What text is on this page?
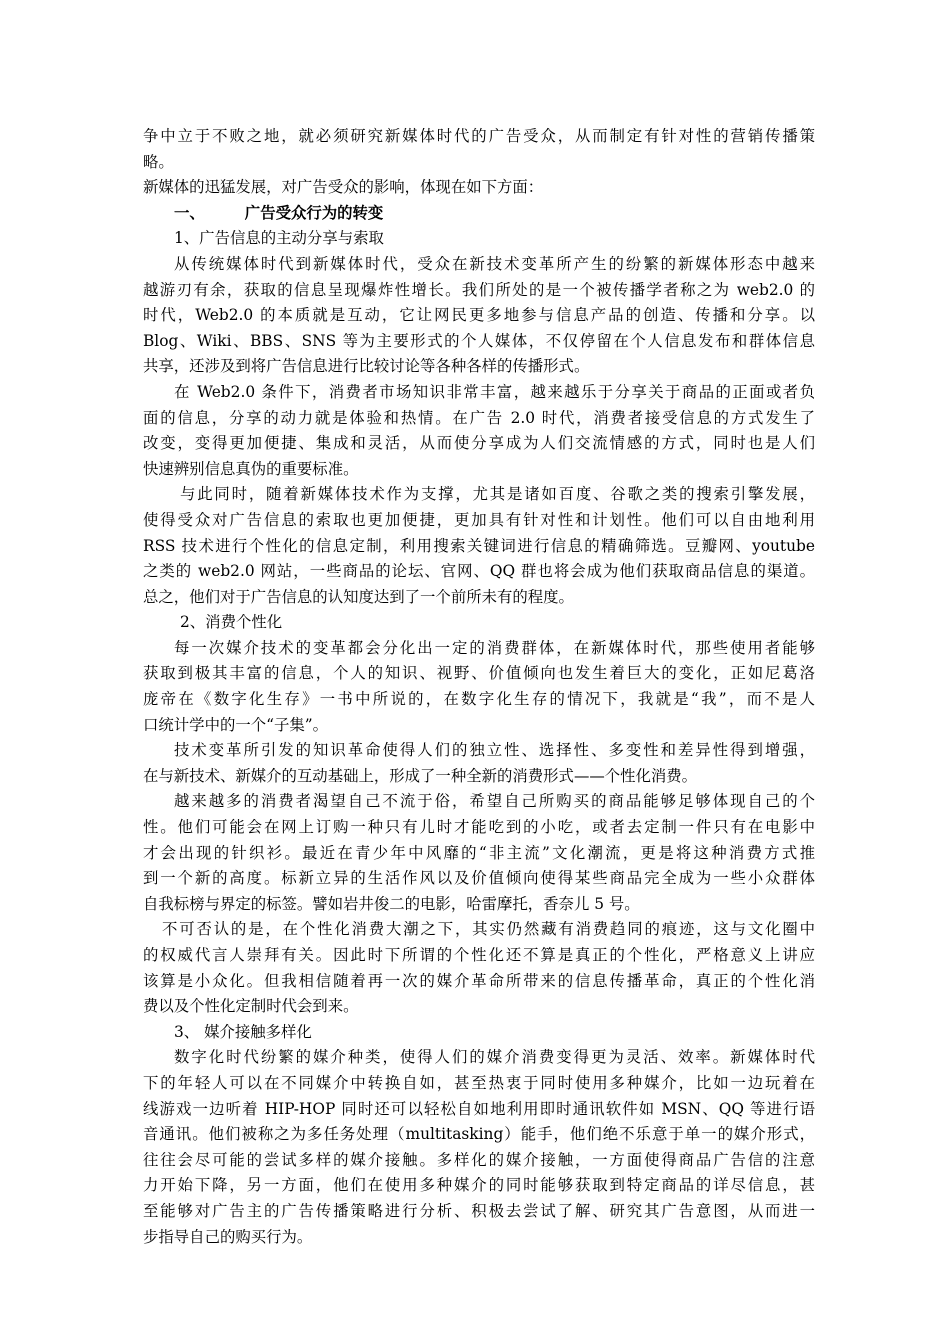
争中立于不败之地，就必须研究新媒体时代的广告受众，从而制定有针对性的营销传播策
略。
新媒体的迅猛发展，对广告受众的影响，体现在如下方面：
一、	广告受众行为的转变
1、广告信息的主动分享与索取
从传统媒体时代到新媒体时代，受众在新技术变革所产生的纷繁的新媒体形态中越来
越游刃有余，获取的信息呈现爆炸性增长。我们所处的是一个被传播学者称之为 web2.0 的
时代，Web2.0 的本质就是互动，它让网民更多地参与信息产品的创造、传播和分享。以
Blog、Wiki、BBS、SNS 等为主要形式的个人媒体，不仅停留在个人信息发布和群体信息
共享，还涉及到将广告信息进行比较讨论等各种各样的传播形式。
在 Web2.0 条件下，消费者市场知识非常丰富，越来越乐于分享关于商品的正面或者负
面的信息，分享的动力就是体验和热情。在广告 2.0 时代，消费者接受信息的方式发生了
改变，变得更加便捷、集成和灵活，从而使分享成为人们交流情感的方式，同时也是人们
快速辨别信息真伪的重要标准。
与此同时，随着新媒体技术作为支撑，尤其是诸如百度、谷歌之类的搜索引擎发展，
使得受众对广告信息的索取也更加便捷，更加具有针对性和计划性。他们可以自由地利用
RSS 技术进行个性化的信息定制，利用搜索关键词进行信息的精确筛选。豆瓣网、youtube
之类的 web2.0 网站，一些商品的论坛、官网、QQ 群也将会成为他们获取商品信息的渠道。
总之，他们对于广告信息的认知度达到了一个前所未有的程度。
2、消费个性化
每一次媒介技术的变革都会分化出一定的消费群体，在新媒体时代，那些使用者能够
获取到极其丰富的信息，个人的知识、视野、价值倾向也发生着巨大的变化，正如尼葛洛
庞帝在《数字化生存》一书中所说的，在数字化生存的情况下，我就是“我”，而不是人
口统计学中的一个“子集”。
技术变革所引发的知识革命使得人们的独立性、选择性、多变性和差异性得到增强，
在与新技术、新媒介的互动基础上，形成了一种全新的消费形式——个性化消费。
越来越多的消费者渴望自己不流于俗，希望自己所购买的商品能够足够体现自己的个
性。他们可能会在网上订购一种只有儿时才能吃到的小吃，或者去定制一件只有在电影中
才会出现的针织衫。最近在青少年中风靡的“非主流”文化潮流，更是将这种消费方式推
到一个新的高度。标新立异的生活作风以及价值倾向使得某些商品完全成为一些小众群体
自我标榜与界定的标签。譬如岩井俊二的电影，哈雷摩托，香奈儿 5 号。
不可否认的是，在个性化消费大潮之下，其实仍然藏有消费趋同的痕迹，这与文化圈中
的权威代言人崇拜有关。因此时下所谓的个性化还不算是真正的个性化，严格意义上讲应
该算是小众化。但我相信随着再一次的媒介革命所带来的信息传播革命，真正的个性化消
费以及个性化定制时代会到来。
3、 媒介接触多样化
数字化时代纷繁的媒介种类，使得人们的媒介消费变得更为灵活、效率。新媒体时代
下的年轻人可以在不同媒介中转换自如，甚至热衷于同时使用多种媒介，比如一边玩着在
线游戏一边听着 HIP-HOP 同时还可以轻松自如地利用即时通讯软件如 MSN、QQ 等进行语
音通讯。他们被称之为多任务处理（multitasking）能手，他们绝不乐意于单一的媒介形式，
往往会尽可能的尝试多样的媒介接触。多样化的媒介接触，一方面使得商品广告信的注意
力开始下降，另一方面，他们在使用多种媒介的同时能够获取到特定商品的详尽信息，甚
至能够对广告主的广告传播策略进行分析、积极去尝试了解、研究其广告意图，从而进一
步指导自己的购买行为。
